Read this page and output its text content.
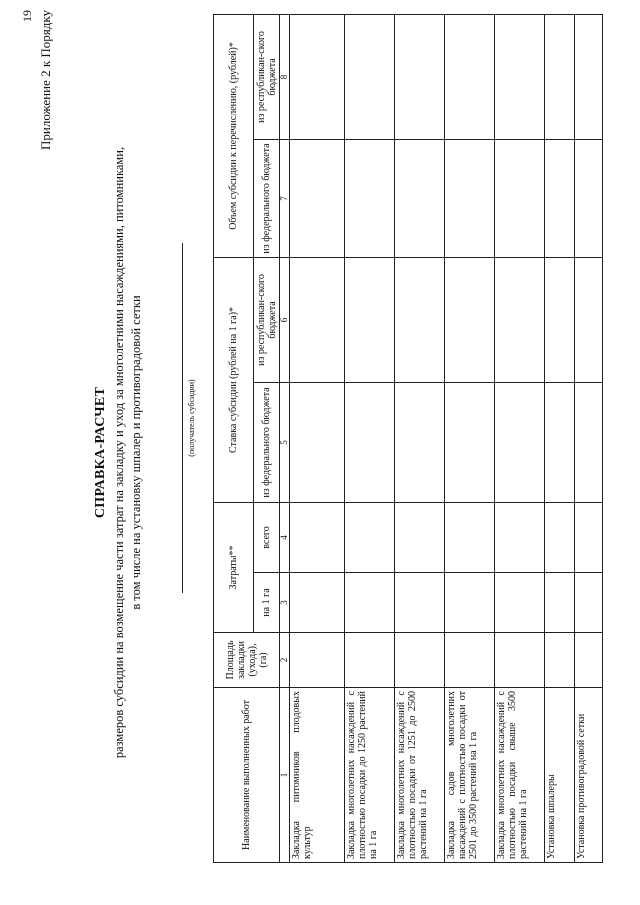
19 Приложение 2 к Порядку
СПРАВКА-РАСЧЕТ размеров субсидии на возмещение части затрат на закладку и уход за многолетними насаждениями, питомниками, в том числе на установку шпалер и противоградовой сетки	(получатель субсидии)
Наименование выполненных работ	Площадь закладки (ухода), (га)	Затраты**		Ставка субсидии (рублей на 1 га)*		Объем субсидии к перечислению, (рублей)*	
		на 1 га	всего	из федерального бюджета	из республикан-ского бюджета	из федерального бюджета	из республикан-ского бюджета
1	2	3	4	5	6	7	8
Закладка питомников плодовых культур							
Закладка многолетних насаждений с плотностью посадки до 1250 растений на 1 га							
Закладка многолетних насаждений с плотностью посадки от 1251 до 2500 растений на 1 га							
Закладка садов многолетних насаждений с плотностью посадки от 2501 до 3500 растений на 1 га							
Закладка многолетних насаждений с плотностью посадки свыше 3500 растений на 1 га							
Установка шпалеры							
Установка противоградовой сетки							
